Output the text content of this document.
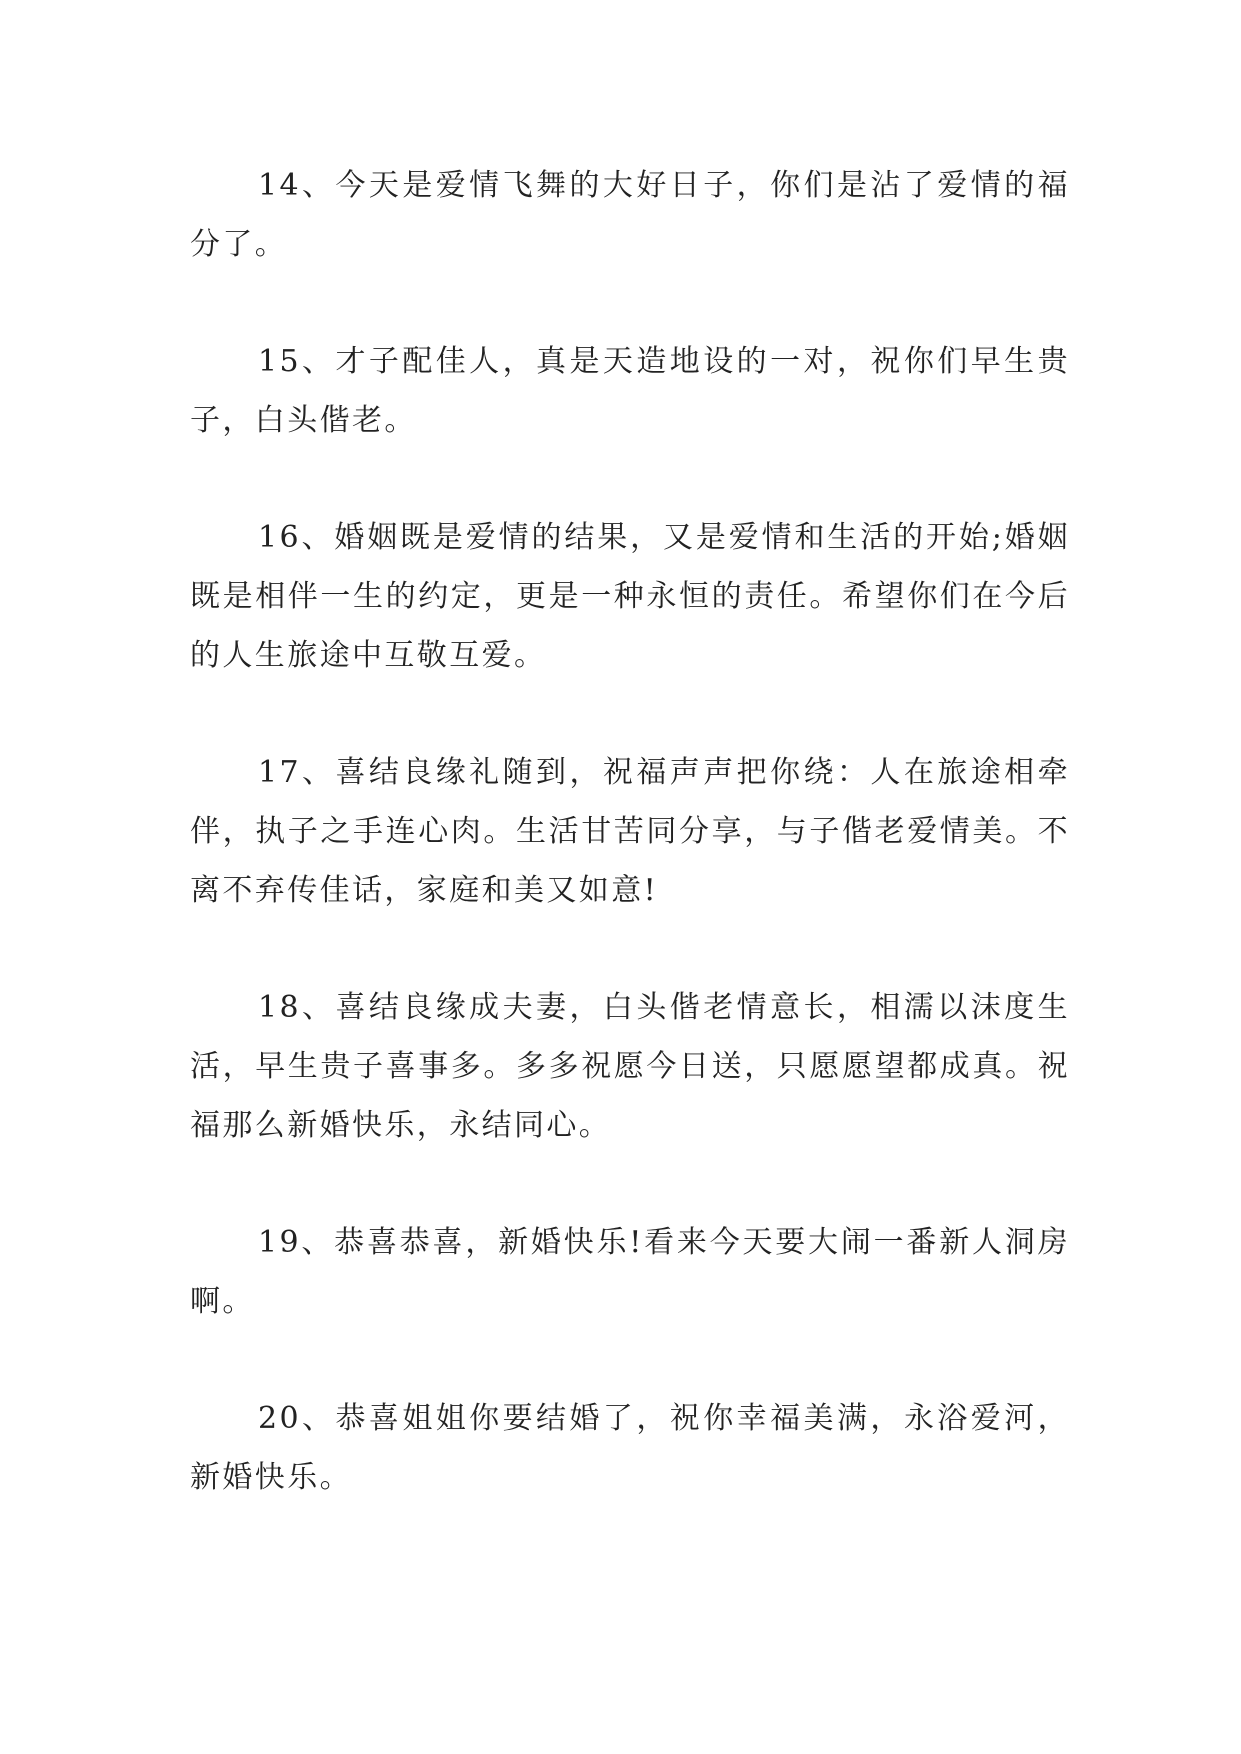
14、今天是爱情飞舞的大好日子，你们是沾了爱情的福分了。

15、才子配佳人，真是天造地设的一对，祝你们早生贵子，白头偕老。

16、婚姻既是爱情的结果，又是爱情和生活的开始;婚姻既是相伴一生的约定，更是一种永恒的责任。希望你们在今后的人生旅途中互敬互爱。

17、喜结良缘礼随到，祝福声声把你绕：人在旅途相牵伴，执子之手连心肉。生活甘苦同分享，与子偕老爱情美。不离不弃传佳话，家庭和美又如意!

18、喜结良缘成夫妻，白头偕老情意长，相濡以沫度生活，早生贵子喜事多。多多祝愿今日送，只愿愿望都成真。祝福那么新婚快乐，永结同心。

19、恭喜恭喜，新婚快乐!看来今天要大闹一番新人洞房啊。

20、恭喜姐姐你要结婚了，祝你幸福美满，永浴爱河，新婚快乐。
